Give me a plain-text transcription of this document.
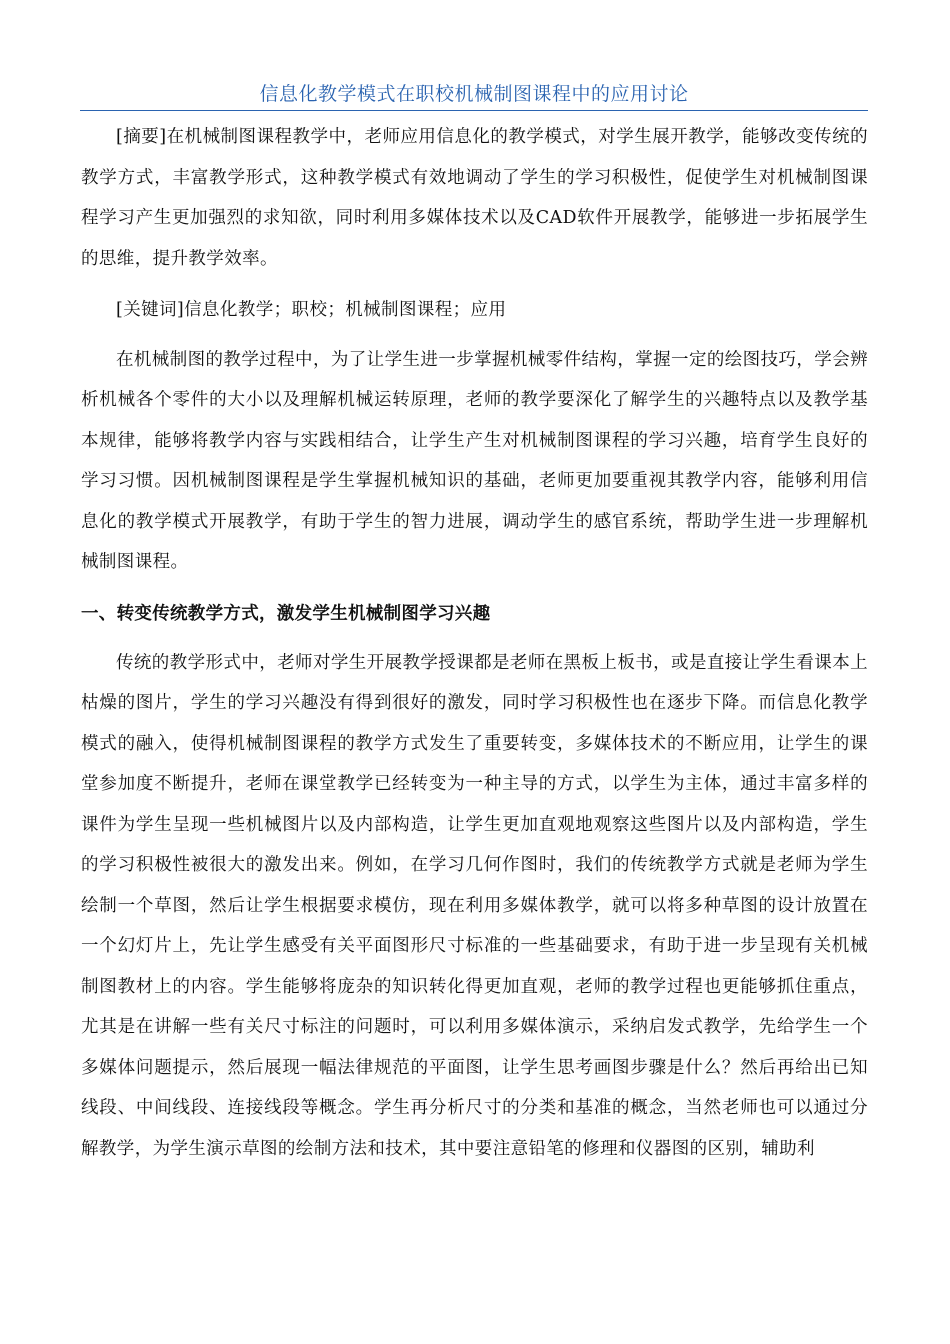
信息化教学模式在职校机械制图课程中的应用讨论

[摘要]在机械制图课程教学中，老师应用信息化的教学模式，对学生展开教学，能够改变传统的教学方式，丰富教学形式，这种教学模式有效地调动了学生的学习积极性，促使学生对机械制图课程学习产生更加强烈的求知欲，同时利用多媒体技术以及CAD软件开展教学，能够进一步拓展学生的思维，提升教学效率。

[关键词]信息化教学；职校；机械制图课程；应用

在机械制图的教学过程中，为了让学生进一步掌握机械零件结构，掌握一定的绘图技巧，学会辨析机械各个零件的大小以及理解机械运转原理，老师的教学要深化了解学生的兴趣特点以及教学基本规律，能够将教学内容与实践相结合，让学生产生对机械制图课程的学习兴趣，培育学生良好的学习习惯。因机械制图课程是学生掌握机械知识的基础，老师更加要重视其教学内容，能够利用信息化的教学模式开展教学，有助于学生的智力进展，调动学生的感官系统，帮助学生进一步理解机械制图课程。

一、转变传统教学方式，激发学生机械制图学习兴趣

传统的教学形式中，老师对学生开展教学授课都是老师在黑板上板书，或是直接让学生看课本上枯燥的图片，学生的学习兴趣没有得到很好的激发，同时学习积极性也在逐步下降。而信息化教学模式的融入，使得机械制图课程的教学方式发生了重要转变，多媒体技术的不断应用，让学生的课堂参加度不断提升，老师在课堂教学已经转变为一种主导的方式，以学生为主体，通过丰富多样的课件为学生呈现一些机械图片以及内部构造，让学生更加直观地观察这些图片以及内部构造，学生的学习积极性被很大的激发出来。例如，在学习几何作图时，我们的传统教学方式就是老师为学生绘制一个草图，然后让学生根据要求模仿，现在利用多媒体教学，就可以将多种草图的设计放置在一个幻灯片上，先让学生感受有关平面图形尺寸标准的一些基础要求，有助于进一步呈现有关机械制图教材上的内容。学生能够将庞杂的知识转化得更加直观，老师的教学过程也更能够抓住重点，尤其是在讲解一些有关尺寸标注的问题时，可以利用多媒体演示，采纳启发式教学，先给学生一个多媒体问题提示，然后展现一幅法律规范的平面图，让学生思考画图步骤是什么？然后再给出已知线段、中间线段、连接线段等概念。学生再分析尺寸的分类和基准的概念，当然老师也可以通过分解教学，为学生演示草图的绘制方法和技术，其中要注意铅笔的修理和仪器图的区别，辅助利
